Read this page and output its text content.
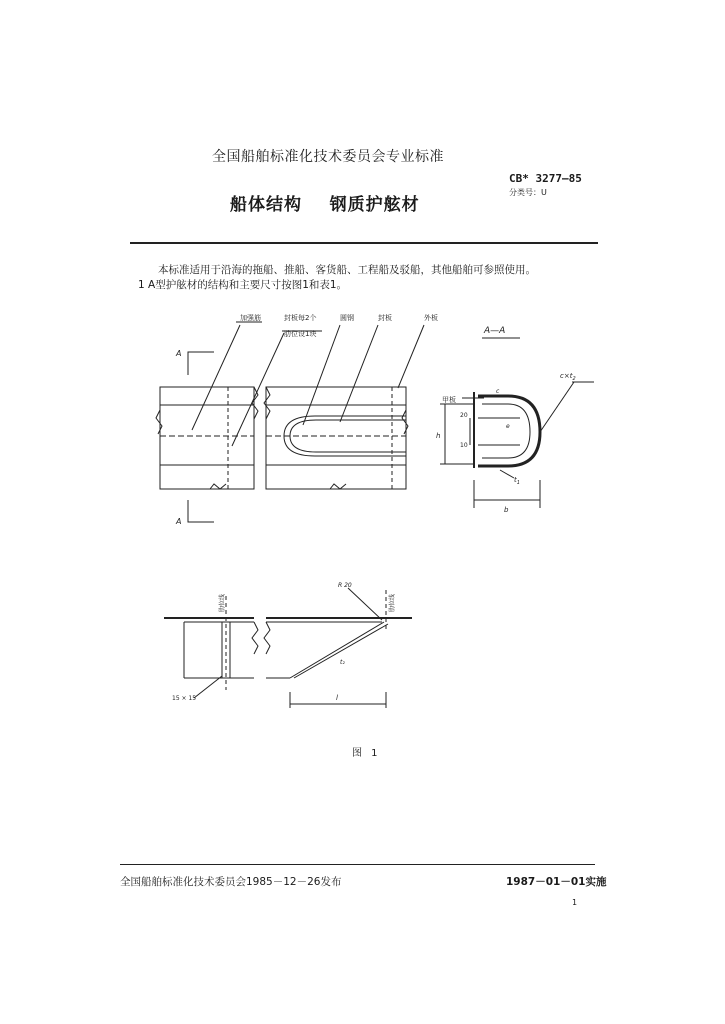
全国船舶标准化技术委员会专业标准
船体结构    钢质护舷材
CB* 3277—85
分类号：U
本标准适用于沿海的拖船、推船、客货船、工程船及驳船，其他船舶可参照使用。
1 A型护舷材的结构和主要尺寸按图1和表1。
加强筋	封板每2个
肋位设1块
圆钢	封板	外板
A—A
A
A
甲板
$c\times t_2$
$t_1$
20
10
h
b
c
e
肋位线	肋位线
R 20
15 × 15	l
t₂
图 1
全国船舶标准化技术委员会1985－12－26发布	1987－01－01实施
1
